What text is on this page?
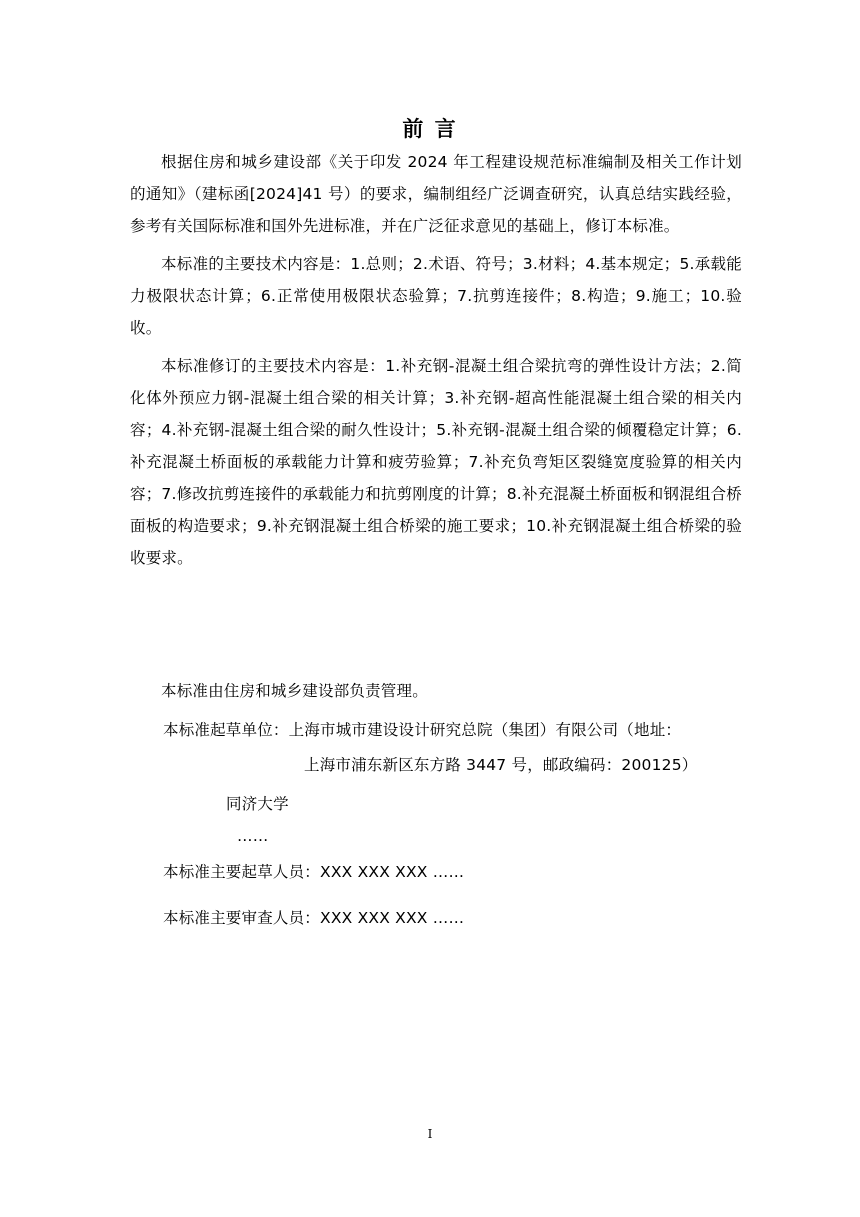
前 言

根据住房和城乡建设部《关于印发 2024 年工程建设规范标准编制及相关工作计划的通知》（建标函[2024]41 号）的要求，编制组经广泛调查研究，认真总结实践经验，参考有关国际标准和国外先进标准，并在广泛征求意见的基础上，修订本标准。

本标准的主要技术内容是：1.总则；2.术语、符号；3.材料；4.基本规定；5.承载能力极限状态计算；6.正常使用极限状态验算；7.抗剪连接件；8.构造；9.施工；10.验收。

本标准修订的主要技术内容是：1.补充钢-混凝土组合梁抗弯的弹性设计方法；2.简化体外预应力钢-混凝土组合梁的相关计算；3.补充钢-超高性能混凝土组合梁的相关内容；4.补充钢-混凝土组合梁的耐久性设计；5.补充钢-混凝土组合梁的倾覆稳定计算；6.补充混凝土桥面板的承载能力计算和疲劳验算；7.补充负弯矩区裂缝宽度验算的相关内容；7.修改抗剪连接件的承载能力和抗剪刚度的计算；8.补充混凝土桥面板和钢混组合桥面板的构造要求；9.补充钢混凝土组合桥梁的施工要求；10.补充钢混凝土组合桥梁的验收要求。

本标准由住房和城乡建设部负责管理。
本标准起草单位：上海市城市建设设计研究总院（集团）有限公司（地址：
上海市浦东新区东方路 3447 号，邮政编码：200125）
同济大学
……
本标准主要起草人员：XXX XXX XXX ……
本标准主要审查人员：XXX XXX XXX ……
I
